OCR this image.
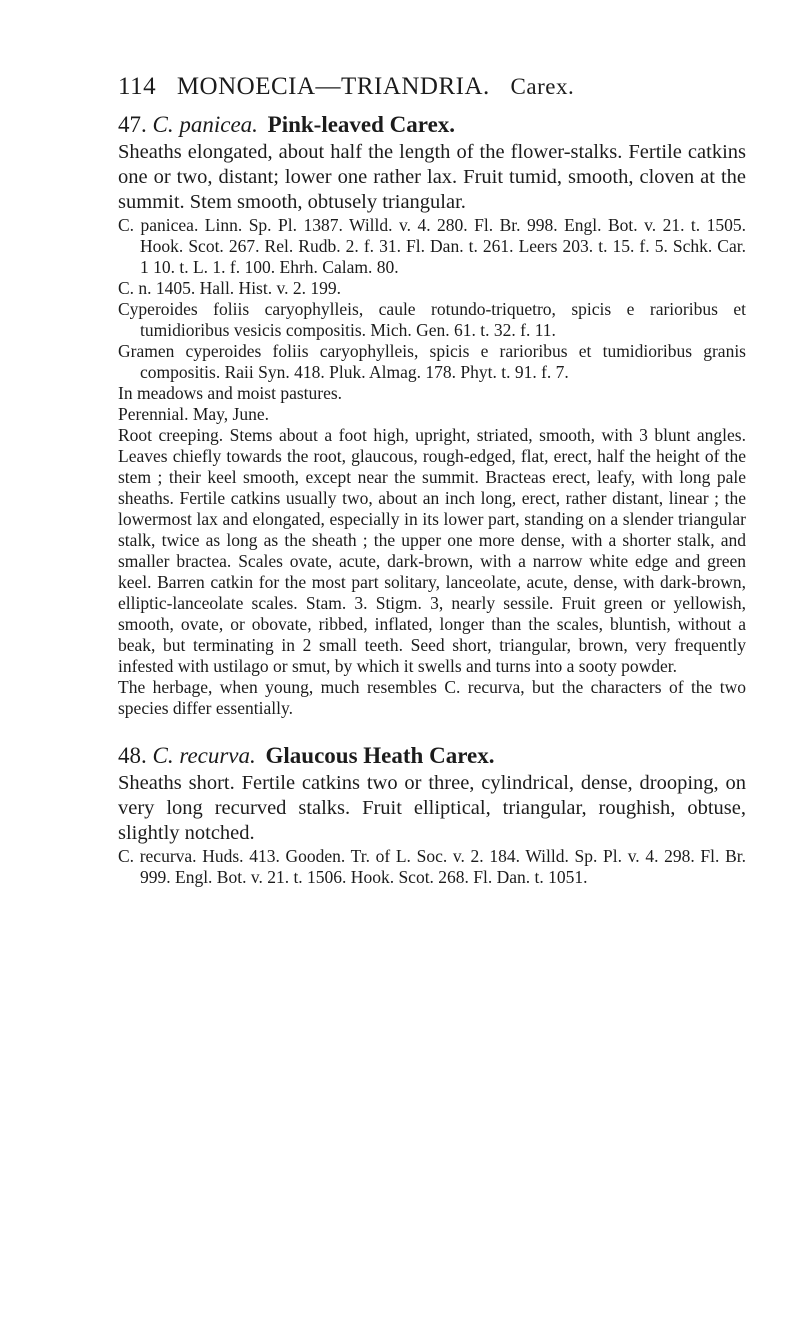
114 MONOECIA—TRIANDRIA. Carex.
47. C. panicea. Pink-leaved Carex.
Sheaths elongated, about half the length of the flower-stalks. Fertile catkins one or two, distant; lower one rather lax. Fruit tumid, smooth, cloven at the summit. Stem smooth, obtusely triangular.
C. panicea. Linn. Sp. Pl. 1387. Willd. v. 4. 280. Fl. Br. 998. Engl. Bot. v. 21. t. 1505. Hook. Scot. 267. Rel. Rudb. 2. f. 31. Fl. Dan. t. 261. Leers 203. t. 15. f. 5. Schk. Car. 1 10. t. L. 1. f. 100. Ehrh. Calam. 80.
C. n. 1405. Hall. Hist. v. 2. 199.
Cyperoides foliis caryophylleis, caule rotundo-triquetro, spicis e rarioribus et tumidioribus vesicis compositis. Mich. Gen. 61. t. 32. f. 11.
Gramen cyperoides foliis caryophylleis, spicis e rarioribus et tumidioribus granis compositis. Raii Syn. 418. Pluk. Almag. 178. Phyt. t. 91. f. 7.
In meadows and moist pastures.
Perennial. May, June.
Root creeping. Stems about a foot high, upright, striated, smooth, with 3 blunt angles. Leaves chiefly towards the root, glaucous, rough-edged, flat, erect, half the height of the stem ; their keel smooth, except near the summit. Bracteas erect, leafy, with long pale sheaths. Fertile catkins usually two, about an inch long, erect, rather distant, linear ; the lowermost lax and elongated, especially in its lower part, standing on a slender triangular stalk, twice as long as the sheath ; the upper one more dense, with a shorter stalk, and smaller bractea. Scales ovate, acute, dark-brown, with a narrow white edge and green keel. Barren catkin for the most part solitary, lanceolate, acute, dense, with dark-brown, elliptic-lanceolate scales. Stam. 3. Stigm. 3, nearly sessile. Fruit green or yellowish, smooth, ovate, or obovate, ribbed, inflated, longer than the scales, bluntish, without a beak, but terminating in 2 small teeth. Seed short, triangular, brown, very frequently infested with ustilago or smut, by which it swells and turns into a sooty powder.
The herbage, when young, much resembles C. recurva, but the characters of the two species differ essentially.
48. C. recurva. Glaucous Heath Carex.
Sheaths short. Fertile catkins two or three, cylindrical, dense, drooping, on very long recurved stalks. Fruit elliptical, triangular, roughish, obtuse, slightly notched.
C. recurva. Huds. 413. Gooden. Tr. of L. Soc. v. 2. 184. Willd. Sp. Pl. v. 4. 298. Fl. Br. 999. Engl. Bot. v. 21. t. 1506. Hook. Scot. 268. Fl. Dan. t. 1051.
